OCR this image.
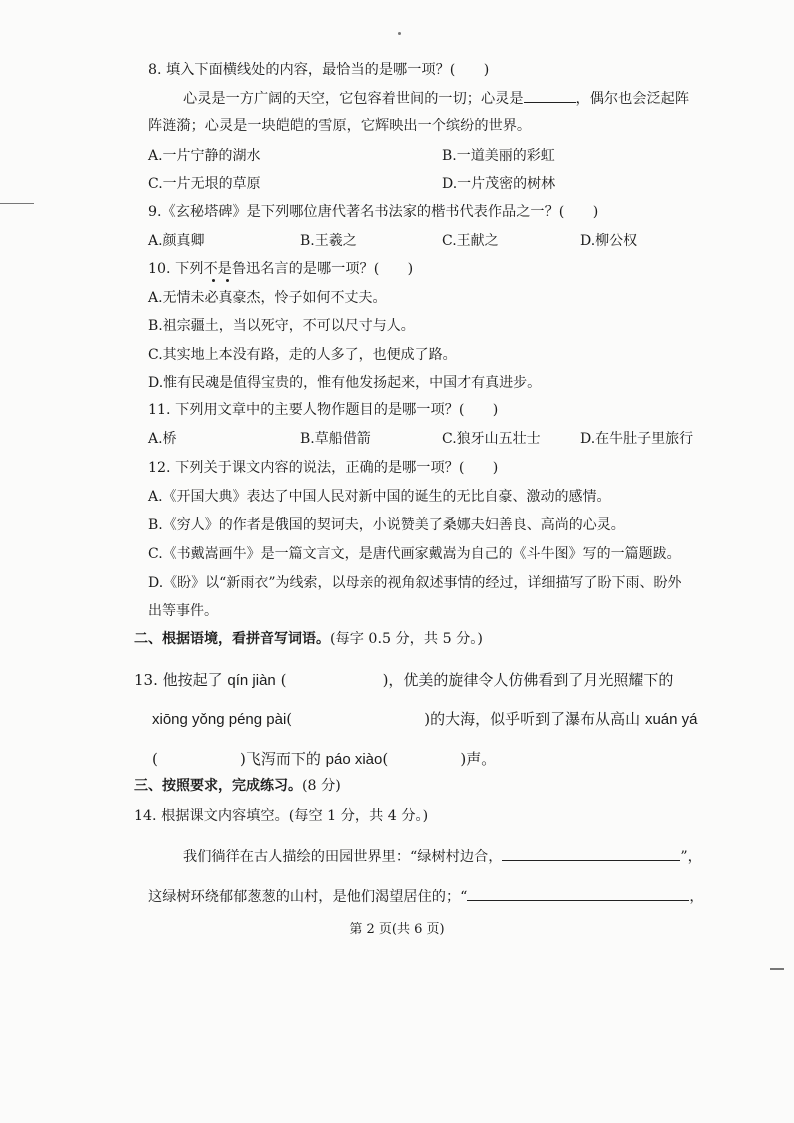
8. 填入下面横线处的内容，最恰当的是哪一项？(　　)
心灵是一方广阔的天空，它包容着世间的一切；心灵是	，偶尔也会泛起阵
阵涟漪；心灵是一块皑皑的雪原，它辉映出一个缤纷的世界。
A.一片宁静的湖水	B.一道美丽的彩虹
C.一片无垠的草原	D.一片茂密的树林
9.《玄秘塔碑》是下列哪位唐代著名书法家的楷书代表作品之一？(　　)
A.颜真卿	B.王羲之	C.王献之	D.柳公权
10. 下列不是鲁迅名言的是哪一项？(　　)
A.无情未必真豪杰，怜子如何不丈夫。
B.祖宗疆土，当以死守，不可以尺寸与人。
C.其实地上本没有路，走的人多了，也便成了路。
D.惟有民魂是值得宝贵的，惟有他发扬起来，中国才有真进步。
11. 下列用文章中的主要人物作题目的是哪一项？(　　)
A.桥	B.草船借箭	C.狼牙山五壮士	D.在牛肚子里旅行
12. 下列关于课文内容的说法，正确的是哪一项？(　　)
A.《开国大典》表达了中国人民对新中国的诞生的无比自豪、激动的感情。
B.《穷人》的作者是俄国的契诃夫，小说赞美了桑娜夫妇善良、高尚的心灵。
C.《书戴嵩画牛》是一篇文言文，是唐代画家戴嵩为自己的《斗牛图》写的一篇题跋。
D.《盼》以“新雨衣”为线索，以母亲的视角叙述事情的经过，详细描写了盼下雨、盼外
出等事件。
二、根据语境，看拼音写词语。(每字 0.5 分，共 5 分。)
13. 他按起了 qín jiàn (	)，优美的旋律令人仿佛看到了月光照耀下的
xiōng yǒng péng pài(	)的大海，似乎听到了瀑布从高山 xuán yá
(	)飞泻而下的 páo xiào(	)声。
三、按照要求，完成练习。(8 分)
14. 根据课文内容填空。(每空 1 分，共 4 分。)
我们徜徉在古人描绘的田园世界里：“绿树村边合，	”，
这绿树环绕郁郁葱葱的山村，是他们渴望居住的；“	，
第 2 页(共 6 页)
